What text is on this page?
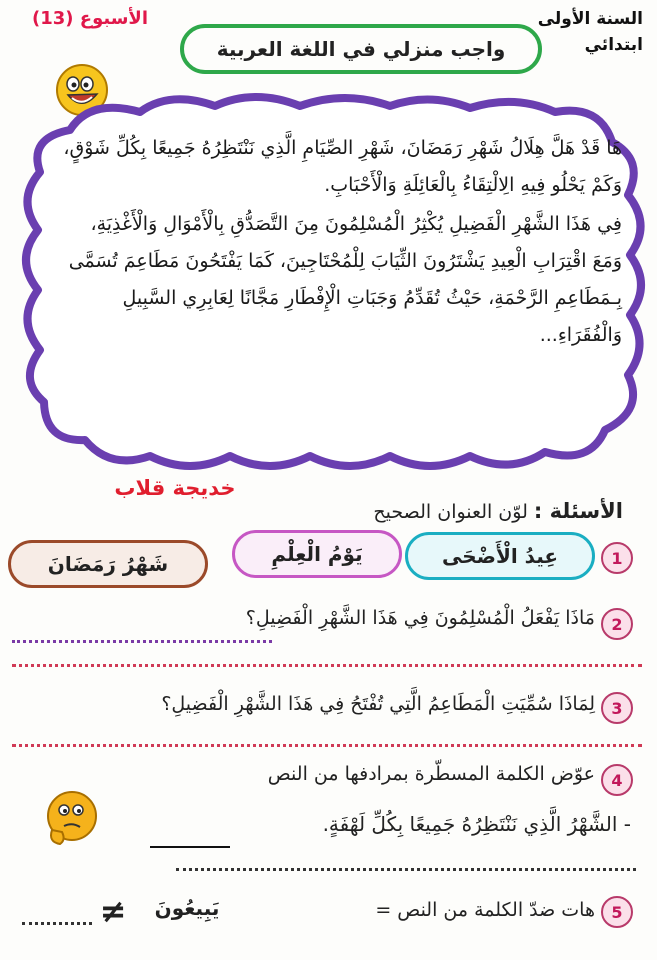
السنة الأولى
ابتدائي
الأسبوع (13)
واجب منزلي في اللغة العربية

هَا قَدْ هَلَّ هِلَالُ شَهْرِ رَمَضَانَ، شَهْرِ الصِّيَامِ الَّذِي نَنْتَظِرُهُ جَمِيعًا بِكُلِّ شَوْقٍ، وَكَمْ يَحْلُو فِيهِ الِالْتِقَاءُ بِالْعَائِلَةِ وَالْأَحْبَابِ.

فِي هَذَا الشَّهْرِ الْفَضِيلِ يُكْثِرُ الْمُسْلِمُونَ مِنَ التَّصَدُّقِ بِالْأَمْوَالِ وَالْأَغْذِيَةِ، وَمَعَ اقْتِرَابِ الْعِيدِ يَشْتَرُونَ الثِّيَابَ لِلْمُحْتَاجِينَ، كَمَا يَفْتَحُونَ مَطَاعِمَ تُسَمَّى بِـمَطَاعِمِ الرَّحْمَةِ، حَيْثُ تُقَدِّمُ وَجَبَاتِ الْإِفْطَارِ مَجَّانًا لِعَابِرِي السَّبِيلِ وَالْفُقَرَاءِ...

خديجة قلاب
الأسئلة : لوّن العنوان الصحيح
1
عِيدُ الْأَضْحَى
يَوْمُ الْعِلْمِ
شَهْرُ رَمَضَانَ
2
مَاذَا يَفْعَلُ الْمُسْلِمُونَ فِي هَذَا الشَّهْرِ الْفَضِيلِ؟
3
لِمَاذَا سُمِّيَتِ الْمَطَاعِمُ الَّتِي تُفْتَحُ فِي هَذَا الشَّهْرِ الْفَضِيلِ؟
4
عوّض الكلمة المسطّرة بمرادفها من النص
- الشَّهْرُ الَّذِي نَنْتَظِرُهُ جَمِيعًا بِكُلِّ لَهْفَةٍ.
5
هات ضدّ الكلمة من النص =
يَبِيعُونَ
≠
